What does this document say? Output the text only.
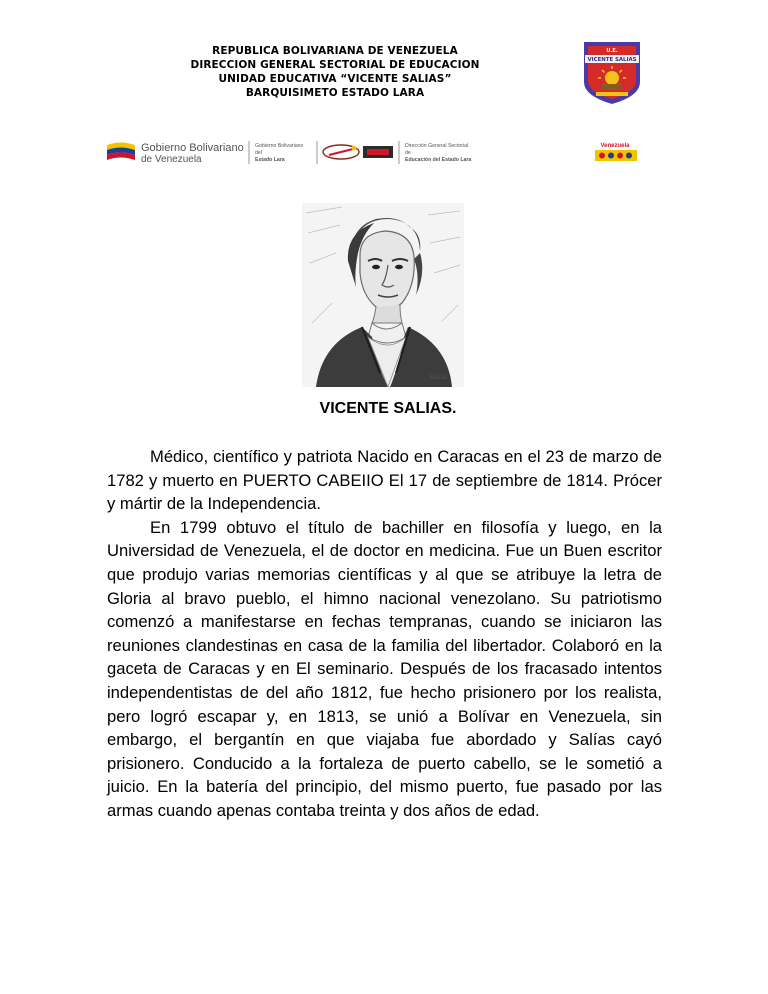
REPUBLICA BOLIVARIANA DE VENEZUELA
DIRECCION GENERAL SECTORIAL DE EDUCACION
UNIDAD EDUCATIVA “VICENTE SALIAS”
BARQUISIMETO ESTADO LARA
U.E.
VICENTE SALIAS
Gobierno Bolivariano
de Venezuela
Gobierno Bolivariano
del
Estado Lara
Dirección General Sectorial
de
Educación del Estado Lara
Venezuela
Salias
VICENTE SALIAS.

Médico, científico y patriota Nacido en Caracas en el 23 de marzo de 1782 y muerto en PUERTO CABEIIO El 17 de septiembre de 1814. Prócer y mártir de la Independencia.

En 1799 obtuvo el título de bachiller en filosofía y luego, en la Universidad de Venezuela, el de doctor en medicina. Fue un Buen escritor que produjo varias memorias científicas y al que se atribuye la letra de Gloria al bravo pueblo, el himno nacional venezolano. Su patriotismo comenzó a manifestarse en fechas tempranas, cuando se iniciaron las reuniones clandestinas en casa de la familia del libertador. Colaboró en la gaceta de Caracas y en El seminario. Después de los fracasado intentos independentistas de del año 1812, fue hecho prisionero por los realista, pero logró escapar y, en 1813, se unió a Bolívar en Venezuela, sin embargo, el bergantín en que viajaba fue abordado y Salías cayó prisionero. Conducido a la fortaleza de puerto cabello, se le sometió a juicio. En la batería del principio, del mismo puerto, fue pasado por las armas cuando apenas contaba treinta y dos años de edad.
